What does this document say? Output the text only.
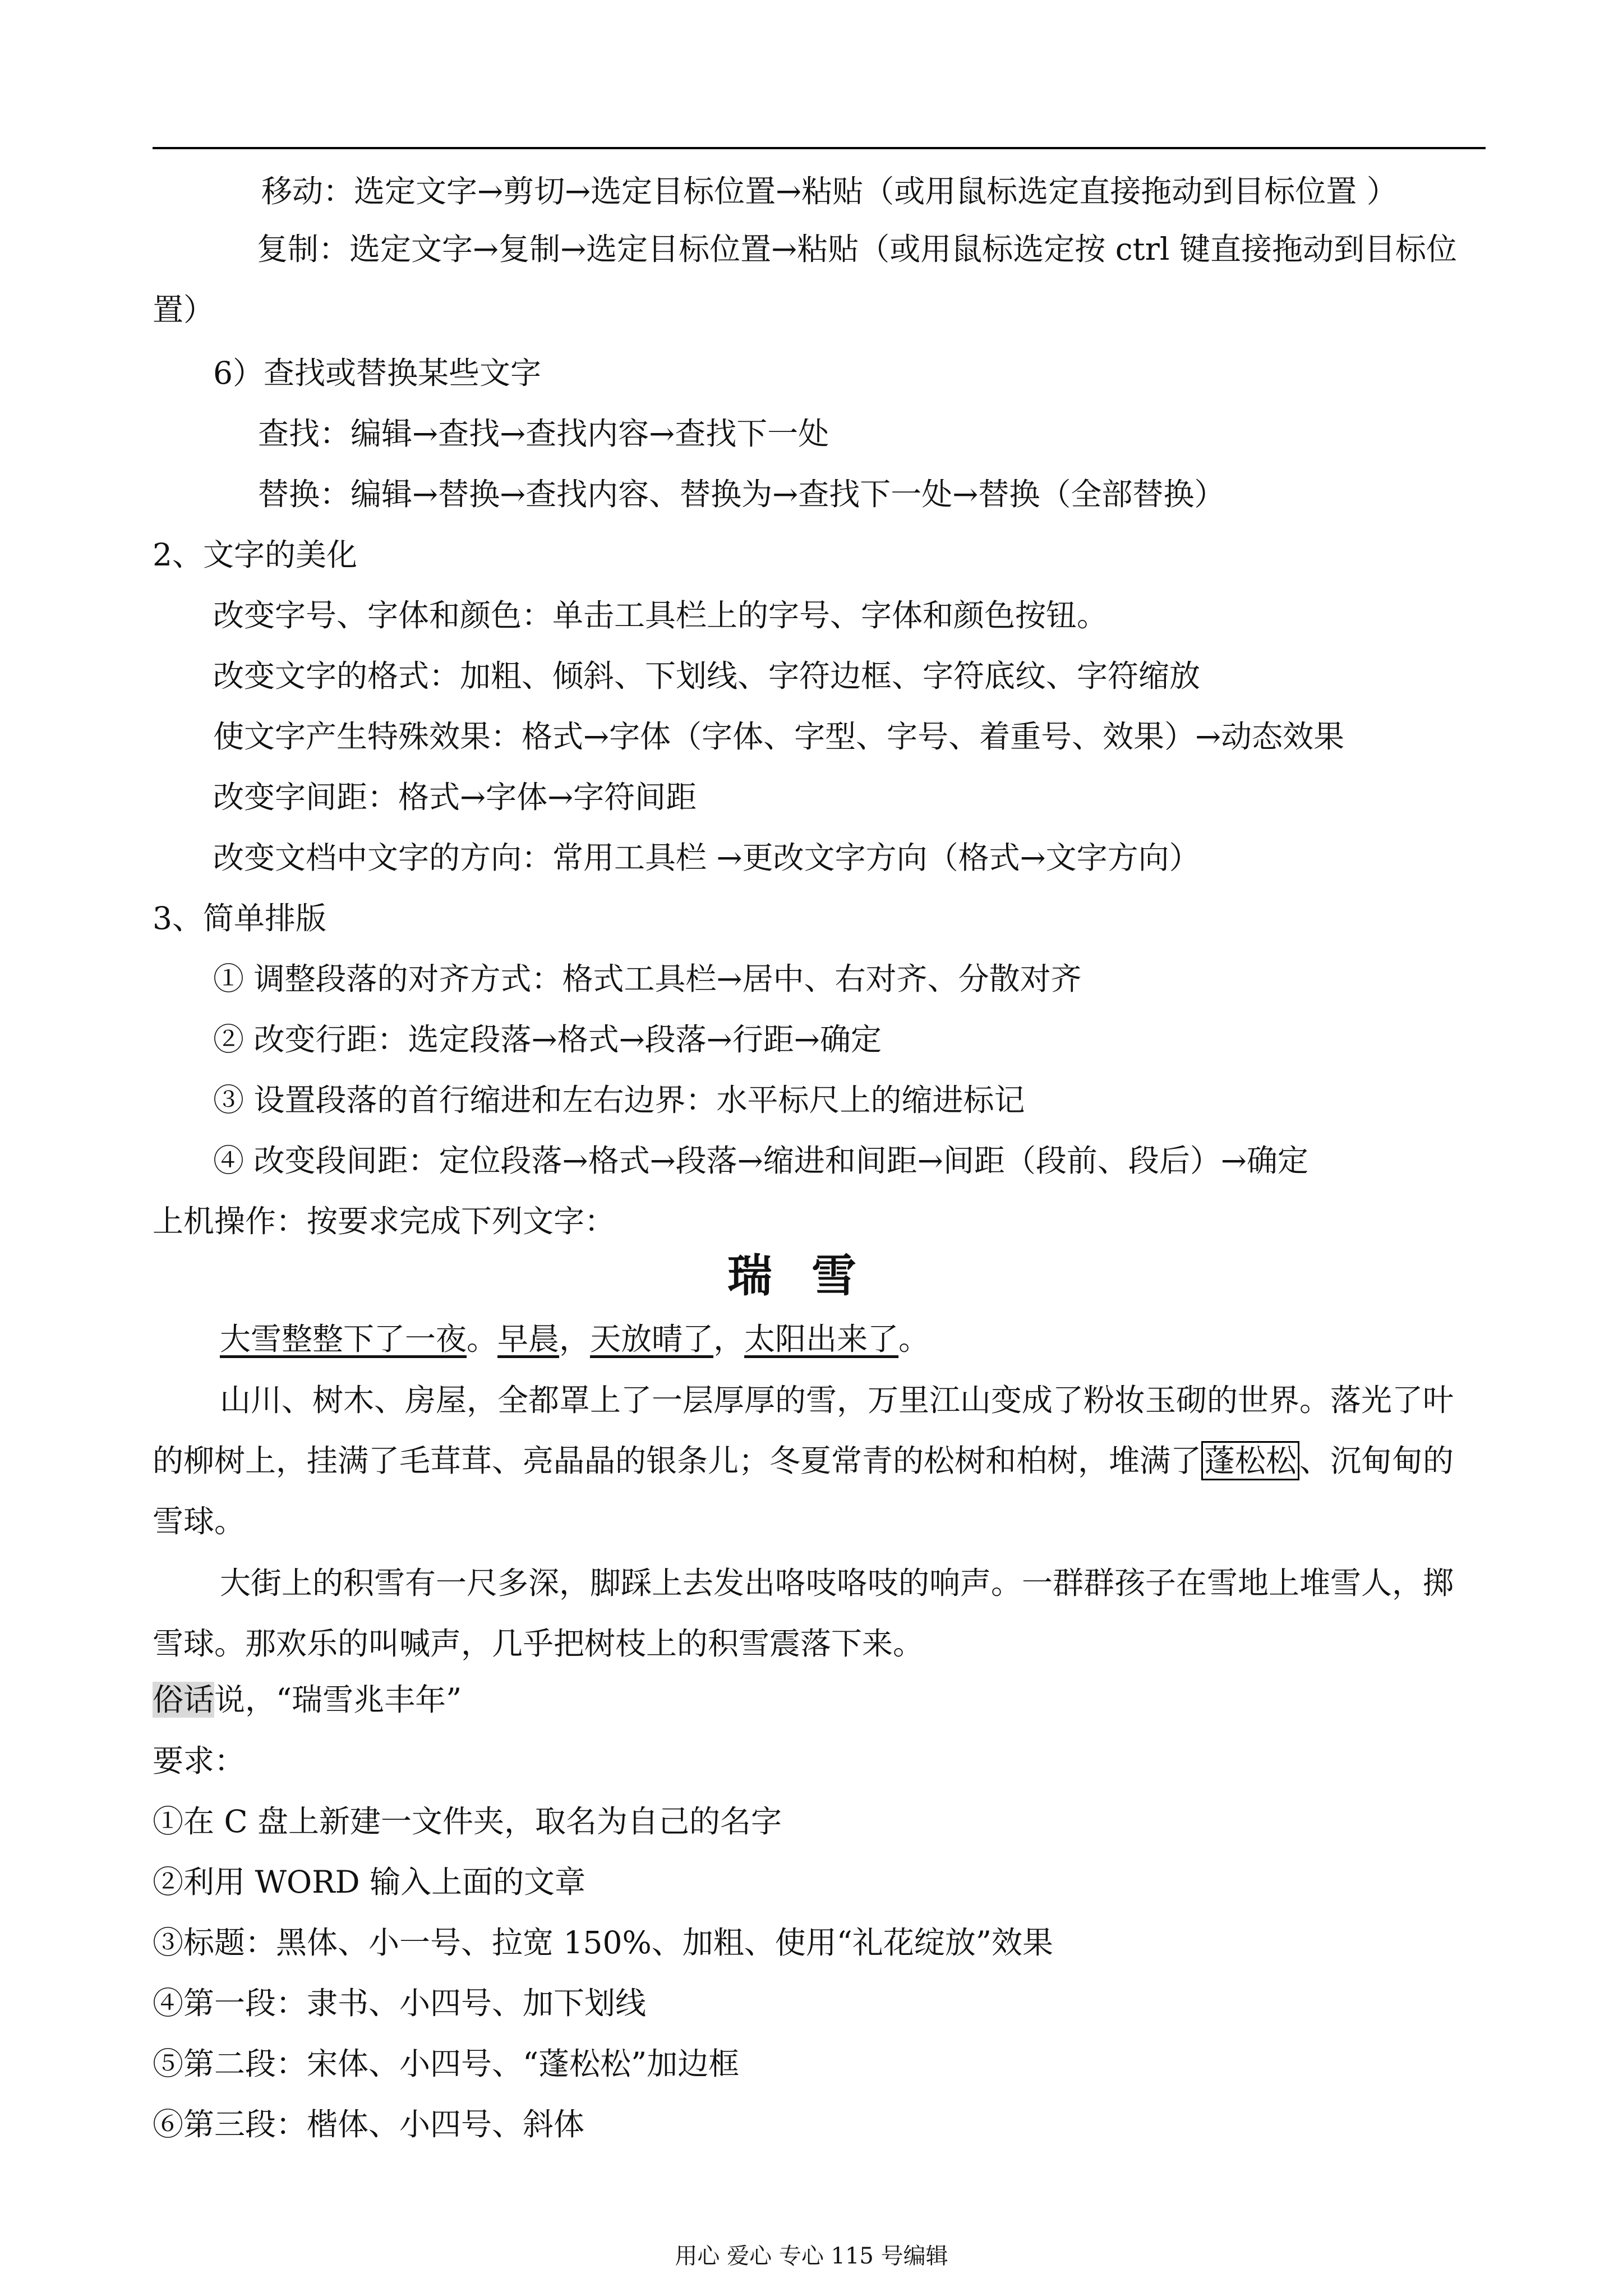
移动：选定文字→剪切→选定目标位置→粘贴（或用鼠标选定直接拖动到目标位置 ）
复制：选定文字→复制→选定目标位置→粘贴（或用鼠标选定按 ctrl 键直接拖动到目标位置）
6）查找或替换某些文字
查找：编辑→查找→查找内容→查找下一处
替换：编辑→替换→查找内容、替换为→查找下一处→替换（全部替换）
2、文字的美化
改变字号、字体和颜色：单击工具栏上的字号、字体和颜色按钮。
改变文字的格式：加粗、倾斜、下划线、字符边框、字符底纹、字符缩放
使文字产生特殊效果：格式→字体（字体、字型、字号、着重号、效果）→动态效果
改变字间距：格式→字体→字符间距
改变文档中文字的方向：常用工具栏 →更改文字方向（格式→文字方向）
3、简单排版
① 调整段落的对齐方式：格式工具栏→居中、右对齐、分散对齐
② 改变行距：选定段落→格式→段落→行距→确定
③ 设置段落的首行缩进和左右边界：水平标尺上的缩进标记
④ 改变段间距：定位段落→格式→段落→缩进和间距→间距（段前、段后）→确定
上机操作：按要求完成下列文字：
瑞雪
大雪整整下了一夜。早晨，天放晴了，太阳出来了。
山川、树木、房屋，全都罩上了一层厚厚的雪，万里江山变成了粉妆玉砌的世界。落光了叶的柳树上，挂满了毛茸茸、亮晶晶的银条儿；冬夏常青的松树和柏树，堆满了蓬松松、沉甸甸的雪球。
大街上的积雪有一尺多深，脚踩上去发出咯吱咯吱的响声。一群群孩子在雪地上堆雪人，掷雪球。那欢乐的叫喊声，几乎把树枝上的积雪震落下来。
俗话说，“瑞雪兆丰年”
要求：
①在 C 盘上新建一文件夹，取名为自己的名字
②利用 WORD 输入上面的文章
③标题：黑体、小一号、拉宽 150%、加粗、使用“礼花绽放”效果
④第一段：隶书、小四号、加下划线
⑤第二段：宋体、小四号、“蓬松松”加边框
⑥第三段：楷体、小四号、斜体
用心 爱心 专心 115 号编辑
